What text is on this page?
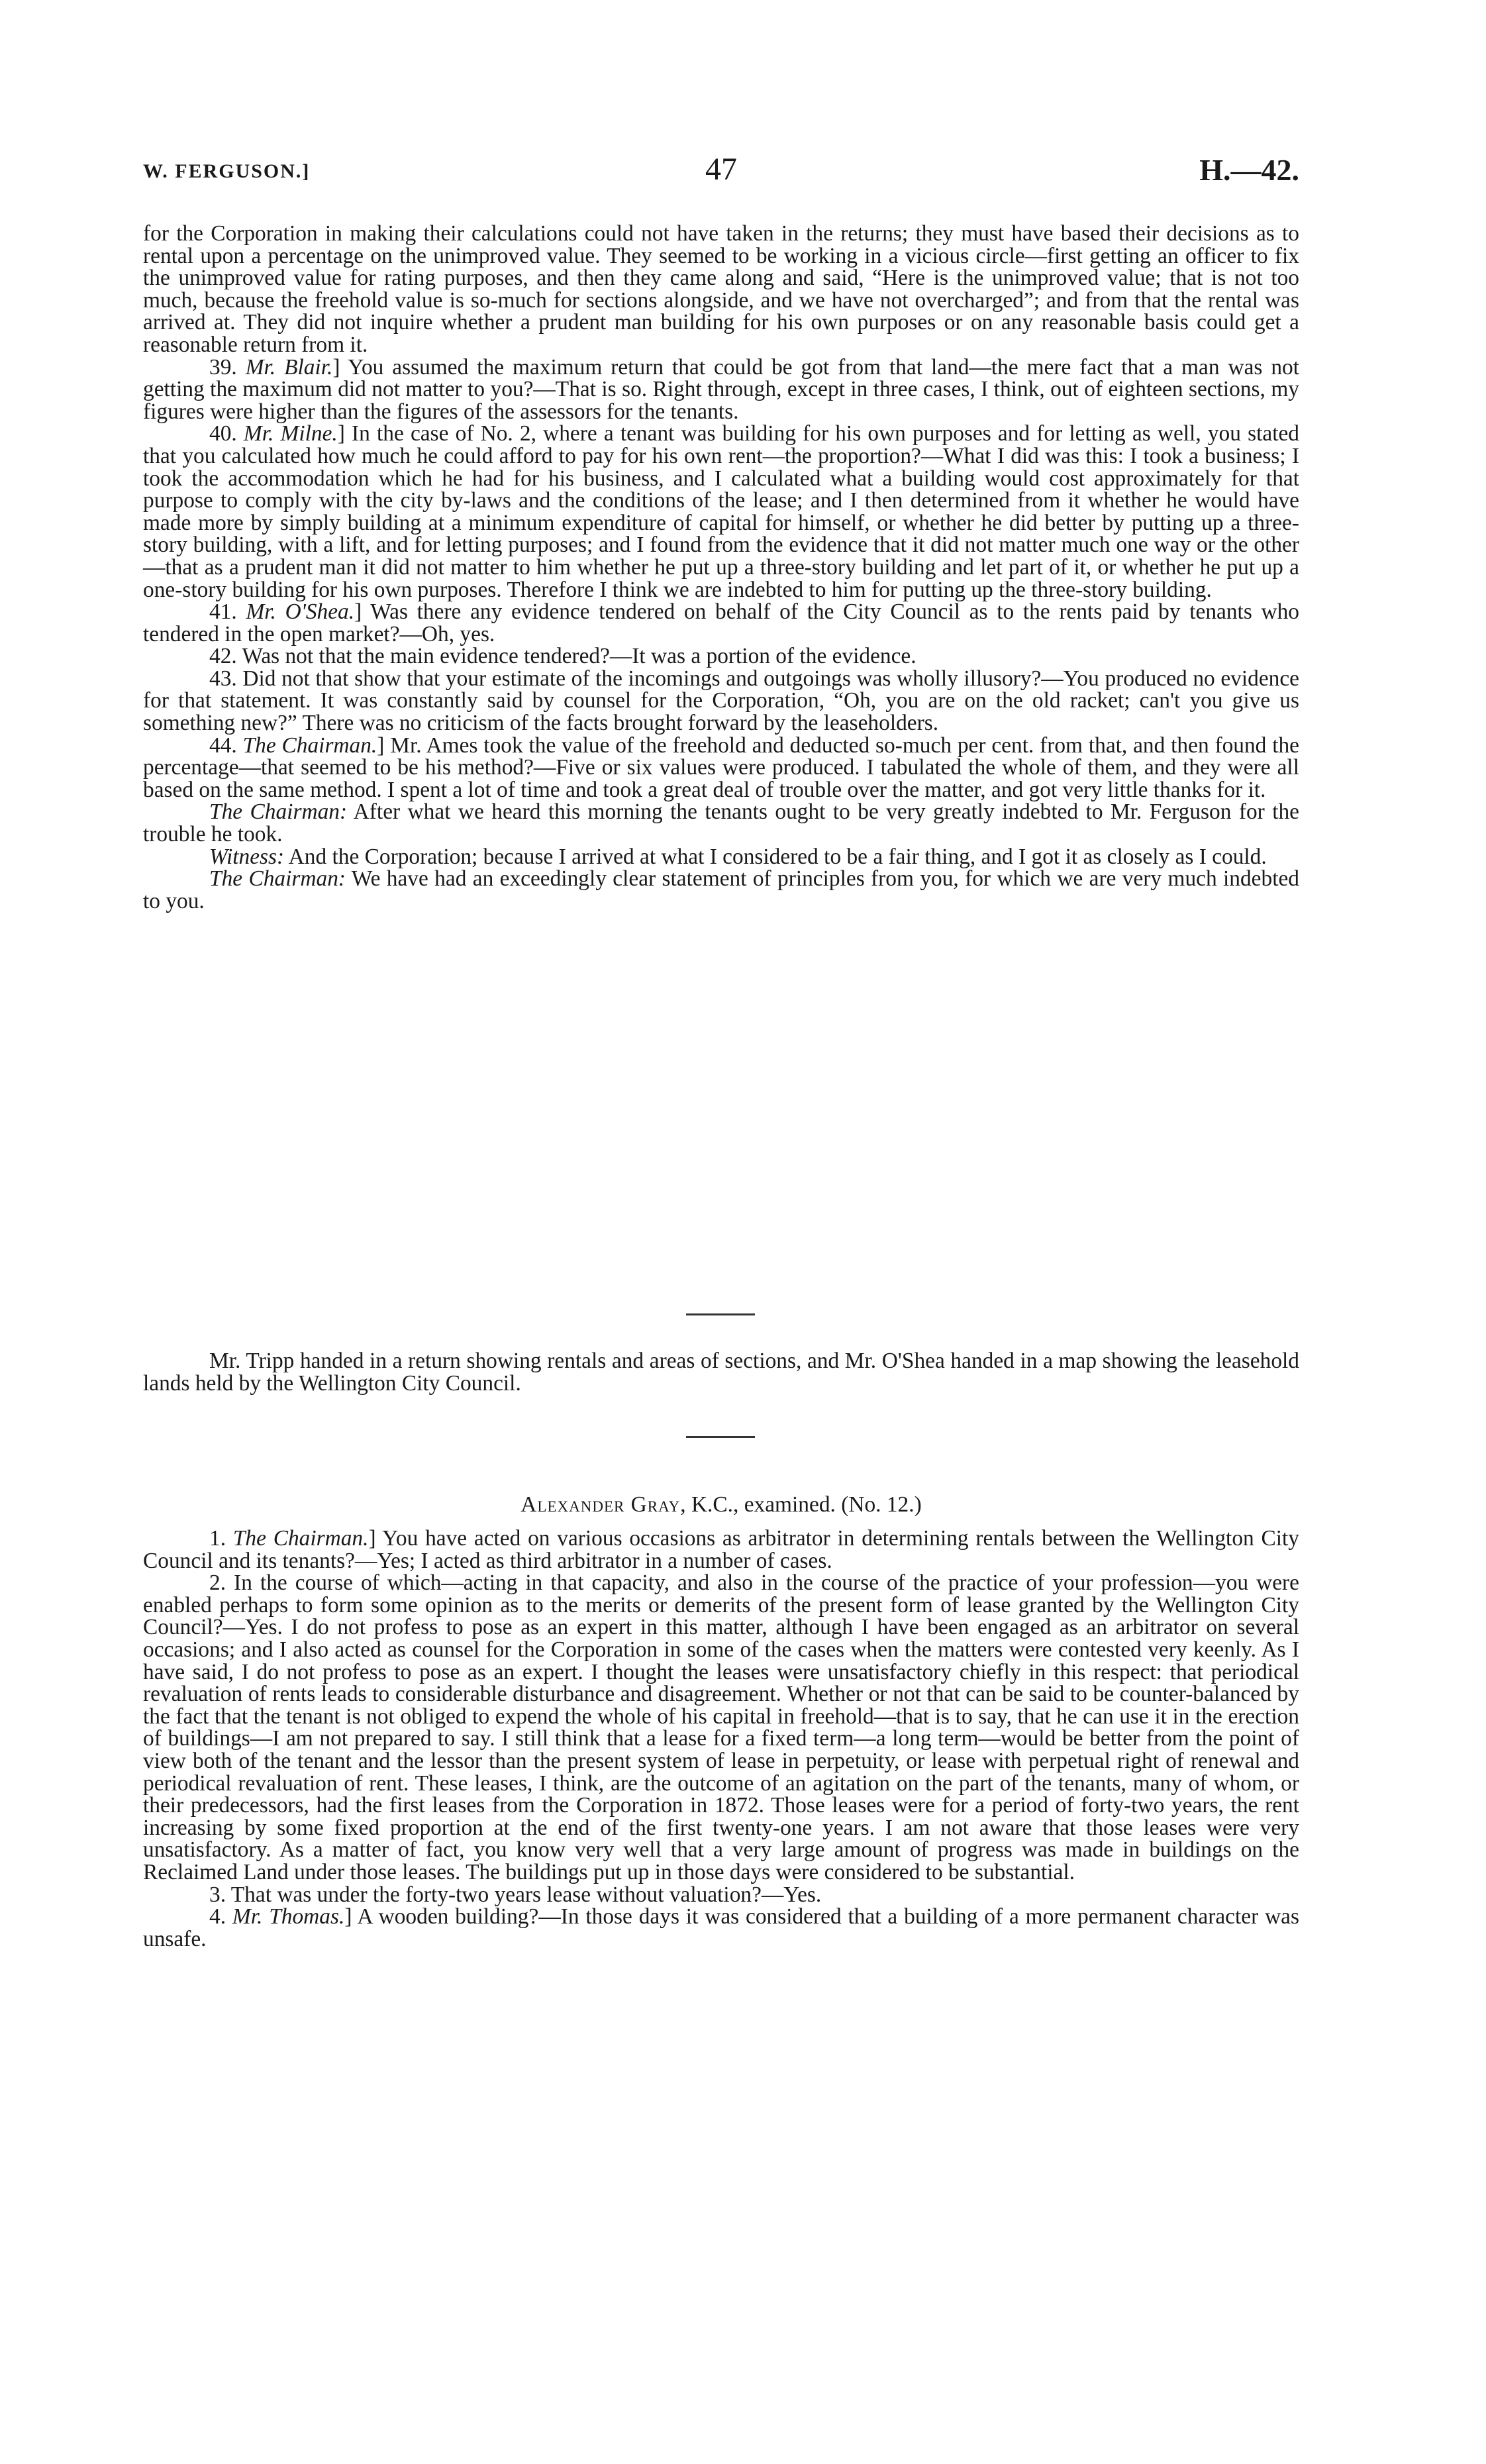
W. FERGUSON.]	47	H.—42.

for the Corporation in making their calculations could not have taken in the returns; they must have based their decisions as to rental upon a percentage on the unimproved value. They seemed to be working in a vicious circle—first getting an officer to fix the unimproved value for rating purposes, and then they came along and said, “Here is the unimproved value; that is not too much, because the freehold value is so-much for sections alongside, and we have not overcharged”; and from that the rental was arrived at. They did not inquire whether a prudent man building for his own purposes or on any reasonable basis could get a reasonable return from it.

39. Mr. Blair.] You assumed the maximum return that could be got from that land—the mere fact that a man was not getting the maximum did not matter to you?—That is so. Right through, except in three cases, I think, out of eighteen sections, my figures were higher than the figures of the assessors for the tenants.

40. Mr. Milne.] In the case of No. 2, where a tenant was building for his own purposes and for letting as well, you stated that you calculated how much he could afford to pay for his own rent—the proportion?—What I did was this: I took a business; I took the accommodation which he had for his business, and I calculated what a building would cost approximately for that purpose to comply with the city by-laws and the conditions of the lease; and I then determined from it whether he would have made more by simply building at a minimum expenditure of capital for himself, or whether he did better by putting up a three-story building, with a lift, and for letting purposes; and I found from the evidence that it did not matter much one way or the other—that as a prudent man it did not matter to him whether he put up a three-story building and let part of it, or whether he put up a one-story building for his own purposes. Therefore I think we are indebted to him for putting up the three-story building.

41. Mr. O'Shea.] Was there any evidence tendered on behalf of the City Council as to the rents paid by tenants who tendered in the open market?—Oh, yes.

42. Was not that the main evidence tendered?—It was a portion of the evidence.

43. Did not that show that your estimate of the incomings and outgoings was wholly illusory?—You produced no evidence for that statement. It was constantly said by counsel for the Corporation, “Oh, you are on the old racket; can't you give us something new?” There was no criticism of the facts brought forward by the leaseholders.

44. The Chairman.] Mr. Ames took the value of the freehold and deducted so-much per cent. from that, and then found the percentage—that seemed to be his method?—Five or six values were produced. I tabulated the whole of them, and they were all based on the same method. I spent a lot of time and took a great deal of trouble over the matter, and got very little thanks for it.

The Chairman: After what we heard this morning the tenants ought to be very greatly indebted to Mr. Ferguson for the trouble he took.

Witness: And the Corporation; because I arrived at what I considered to be a fair thing, and I got it as closely as I could.

The Chairman: We have had an exceedingly clear statement of principles from you, for which we are very much indebted to you.

Mr. Tripp handed in a return showing rentals and areas of sections, and Mr. O'Shea handed in a map showing the leasehold lands held by the Wellington City Council.

Alexander Gray, K.C., examined. (No. 12.)

1. The Chairman.] You have acted on various occasions as arbitrator in determining rentals between the Wellington City Council and its tenants?—Yes; I acted as third arbitrator in a number of cases.

2. In the course of which—acting in that capacity, and also in the course of the practice of your profession—you were enabled perhaps to form some opinion as to the merits or demerits of the present form of lease granted by the Wellington City Council?—Yes. I do not profess to pose as an expert in this matter, although I have been engaged as an arbitrator on several occasions; and I also acted as counsel for the Corporation in some of the cases when the matters were contested very keenly. As I have said, I do not profess to pose as an expert. I thought the leases were unsatisfactory chiefly in this respect: that periodical revaluation of rents leads to considerable disturbance and disagreement. Whether or not that can be said to be counter-balanced by the fact that the tenant is not obliged to expend the whole of his capital in freehold—that is to say, that he can use it in the erection of buildings—I am not prepared to say. I still think that a lease for a fixed term—a long term—would be better from the point of view both of the tenant and the lessor than the present system of lease in perpetuity, or lease with perpetual right of renewal and periodical revaluation of rent. These leases, I think, are the outcome of an agitation on the part of the tenants, many of whom, or their predecessors, had the first leases from the Corporation in 1872. Those leases were for a period of forty-two years, the rent increasing by some fixed proportion at the end of the first twenty-one years. I am not aware that those leases were very unsatisfactory. As a matter of fact, you know very well that a very large amount of progress was made in buildings on the Reclaimed Land under those leases. The buildings put up in those days were considered to be substantial.

3. That was under the forty-two years lease without valuation?—Yes.

4. Mr. Thomas.] A wooden building?—In those days it was considered that a building of a more permanent character was unsafe.
